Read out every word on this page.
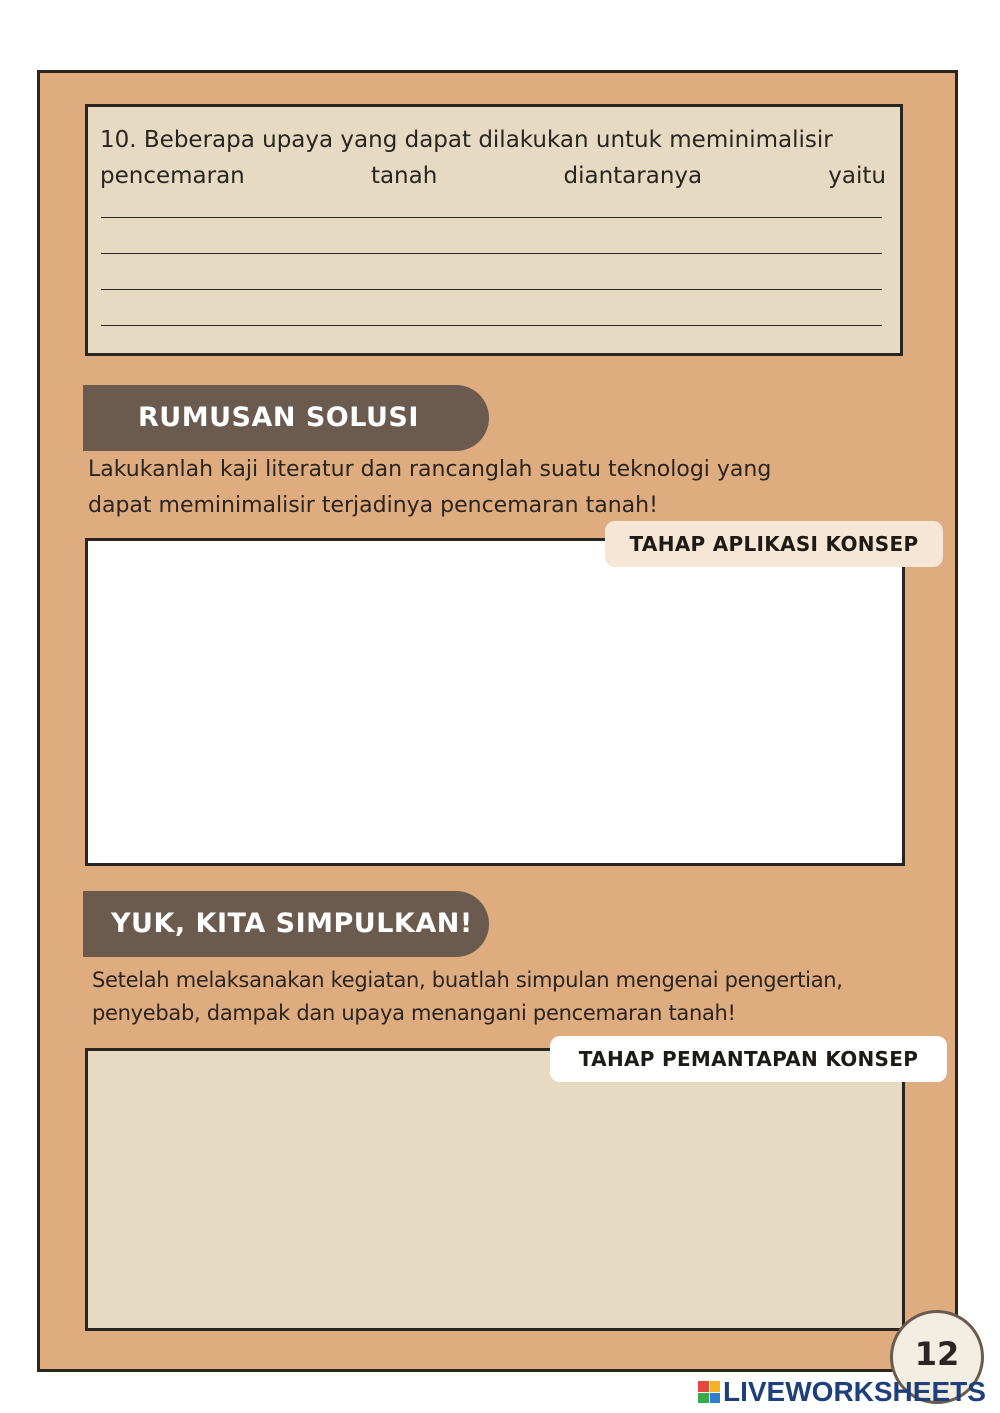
10. Beberapa upaya yang dapat dilakukan untuk meminimalisir
pencemaran	tanah	diantaranya	yaitu
RUMUSAN SOLUSI
Lakukanlah kaji literatur dan rancanglah suatu teknologi yang
dapat meminimalisir terjadinya pencemaran tanah!
TAHAP APLIKASI KONSEP
YUK, KITA SIMPULKAN!
Setelah melaksanakan kegiatan, buatlah simpulan mengenai pengertian,
penyebab, dampak dan upaya menangani pencemaran tanah!
TAHAP PEMANTAPAN KONSEP
12
LIVEWORKSHEETS
